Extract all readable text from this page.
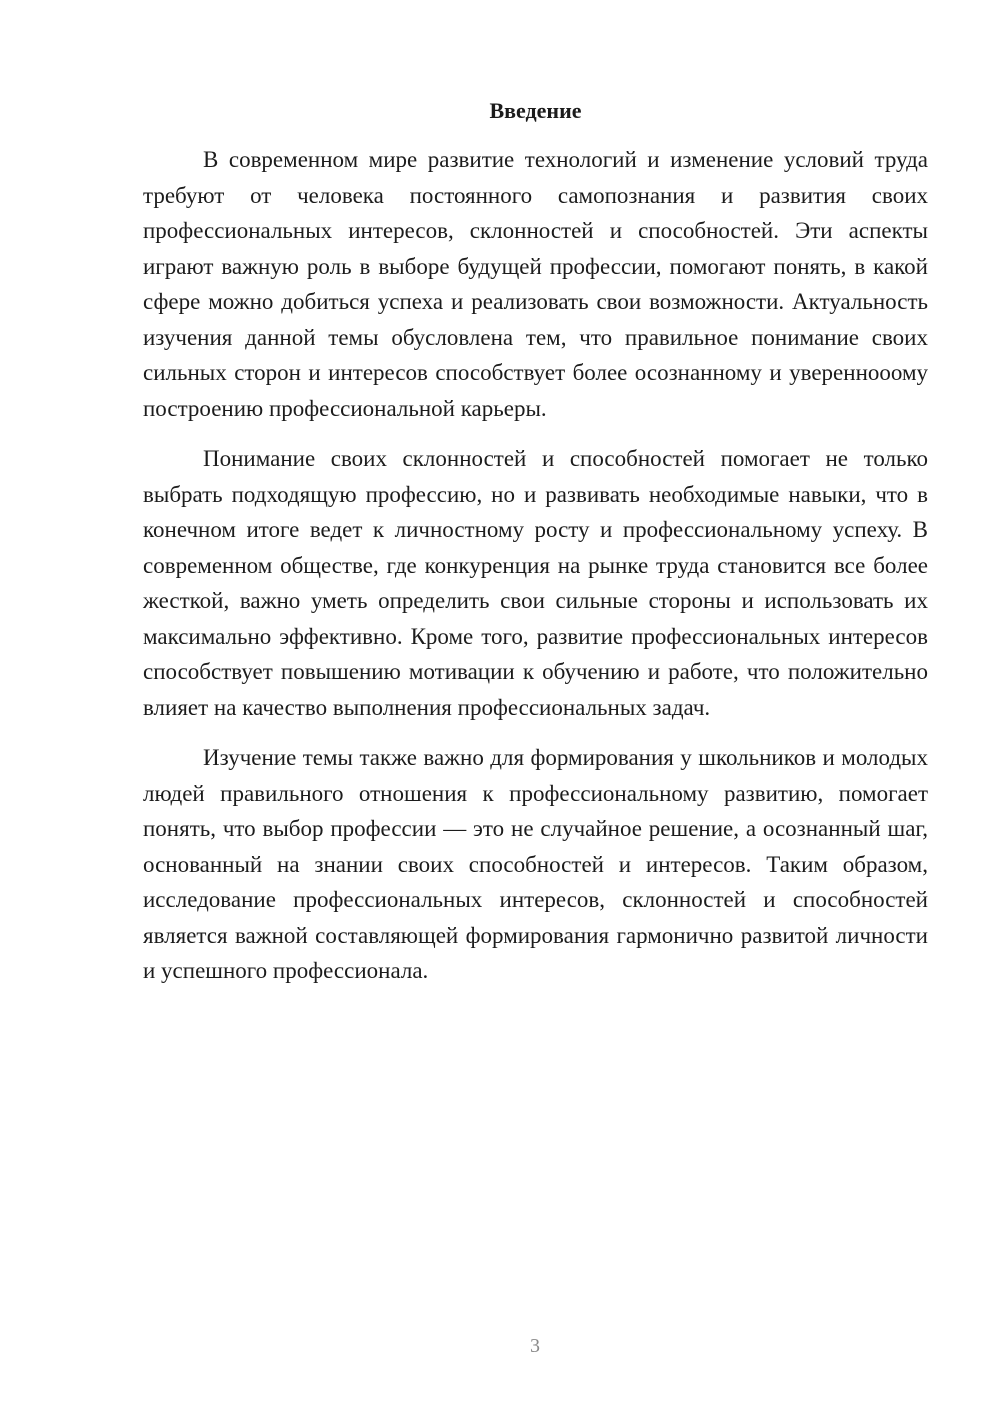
Введение

В современном мире развитие технологий и изменение условий труда требуют от человека постоянного самопознания и развития своих профессиональных интересов, склонностей и способностей. Эти аспекты играют важную роль в выборе будущей профессии, помогают понять, в какой сфере можно добиться успеха и реализовать свои возможности. Актуальность изучения данной темы обусловлена тем, что правильное понимание своих сильных сторон и интересов способствует более осознанному и увереннооому построению профессиональной карьеры.

Понимание своих склонностей и способностей помогает не только выбрать подходящую профессию, но и развивать необходимые навыки, что в конечном итоге ведет к личностному росту и профессиональному успеху. В современном обществе, где конкуренция на рынке труда становится все более жесткой, важно уметь определить свои сильные стороны и использовать их максимально эффективно. Кроме того, развитие профессиональных интересов способствует повышению мотивации к обучению и работе, что положительно влияет на качество выполнения профессиональных задач.

Изучение темы также важно для формирования у школьников и молодых людей правильного отношения к профессиональному развитию, помогает понять, что выбор профессии — это не случайное решение, а осознанный шаг, основанный на знании своих способностей и интересов. Таким образом, исследование профессиональных интересов, склонностей и способностей является важной составляющей формирования гармонично развитой личности и успешного профессионала.

3
